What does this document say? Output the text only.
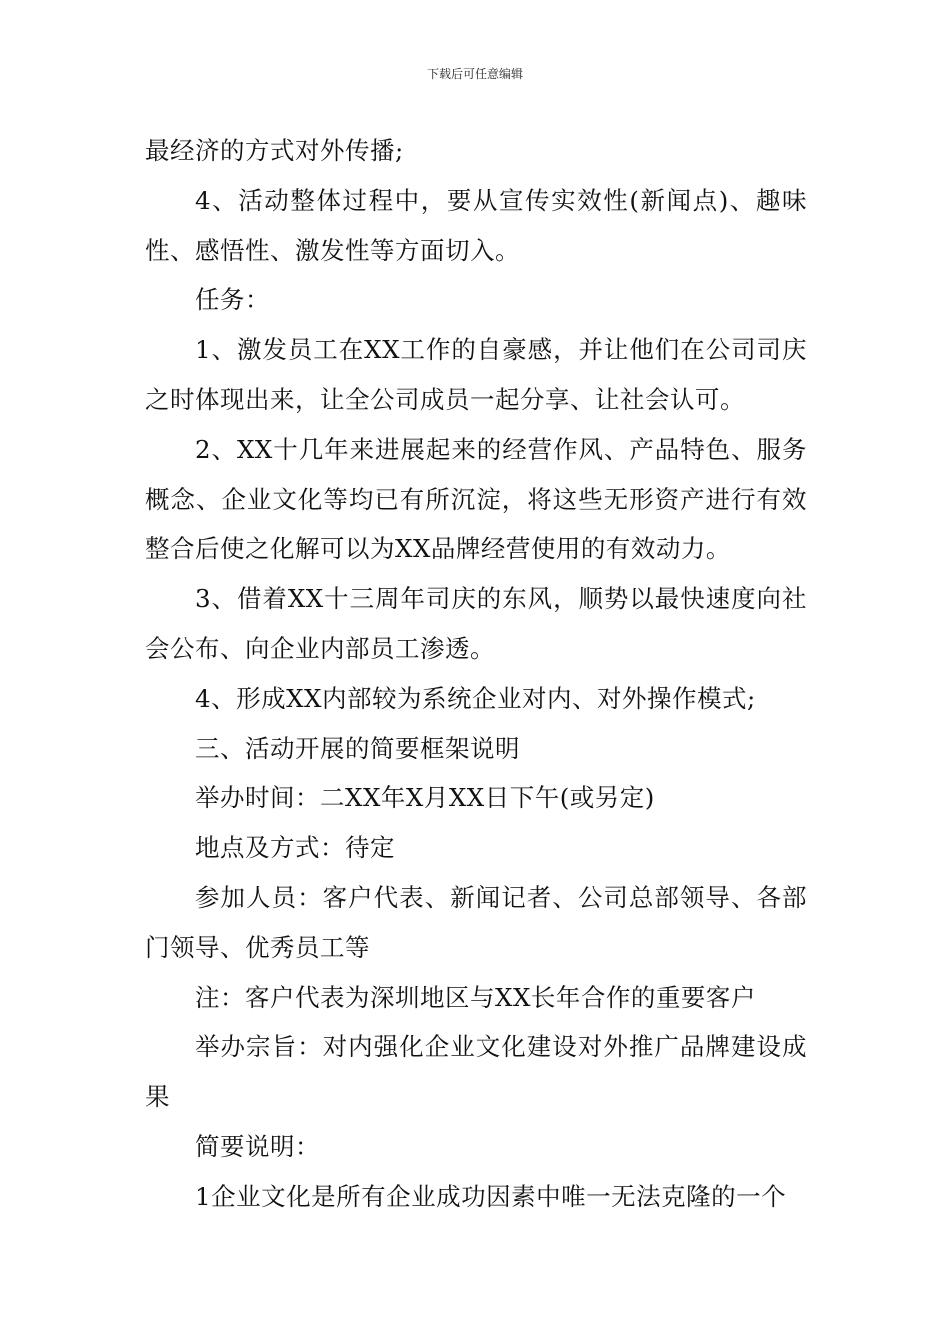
下载后可任意编辑

最经济的方式对外传播;

4、活动整体过程中，要从宣传实效性(新闻点)、趣味性、感悟性、激发性等方面切入。

任务：

1、激发员工在XX工作的自豪感，并让他们在公司司庆之时体现出来，让全公司成员一起分享、让社会认可。

2、XX十几年来进展起来的经营作风、产品特色、服务概念、企业文化等均已有所沉淀，将这些无形资产进行有效整合后使之化解可以为XX品牌经营使用的有效动力。

3、借着XX十三周年司庆的东风，顺势以最快速度向社会公布、向企业内部员工渗透。

4、形成XX内部较为系统企业对内、对外操作模式;

三、活动开展的简要框架说明

举办时间：二XX年X月XX日下午(或另定)

地点及方式：待定

参加人员：客户代表、新闻记者、公司总部领导、各部门领导、优秀员工等

注：客户代表为深圳地区与XX长年合作的重要客户

举办宗旨：对内强化企业文化建设对外推广品牌建设成果

简要说明：

1企业文化是所有企业成功因素中唯一无法克隆的一个
